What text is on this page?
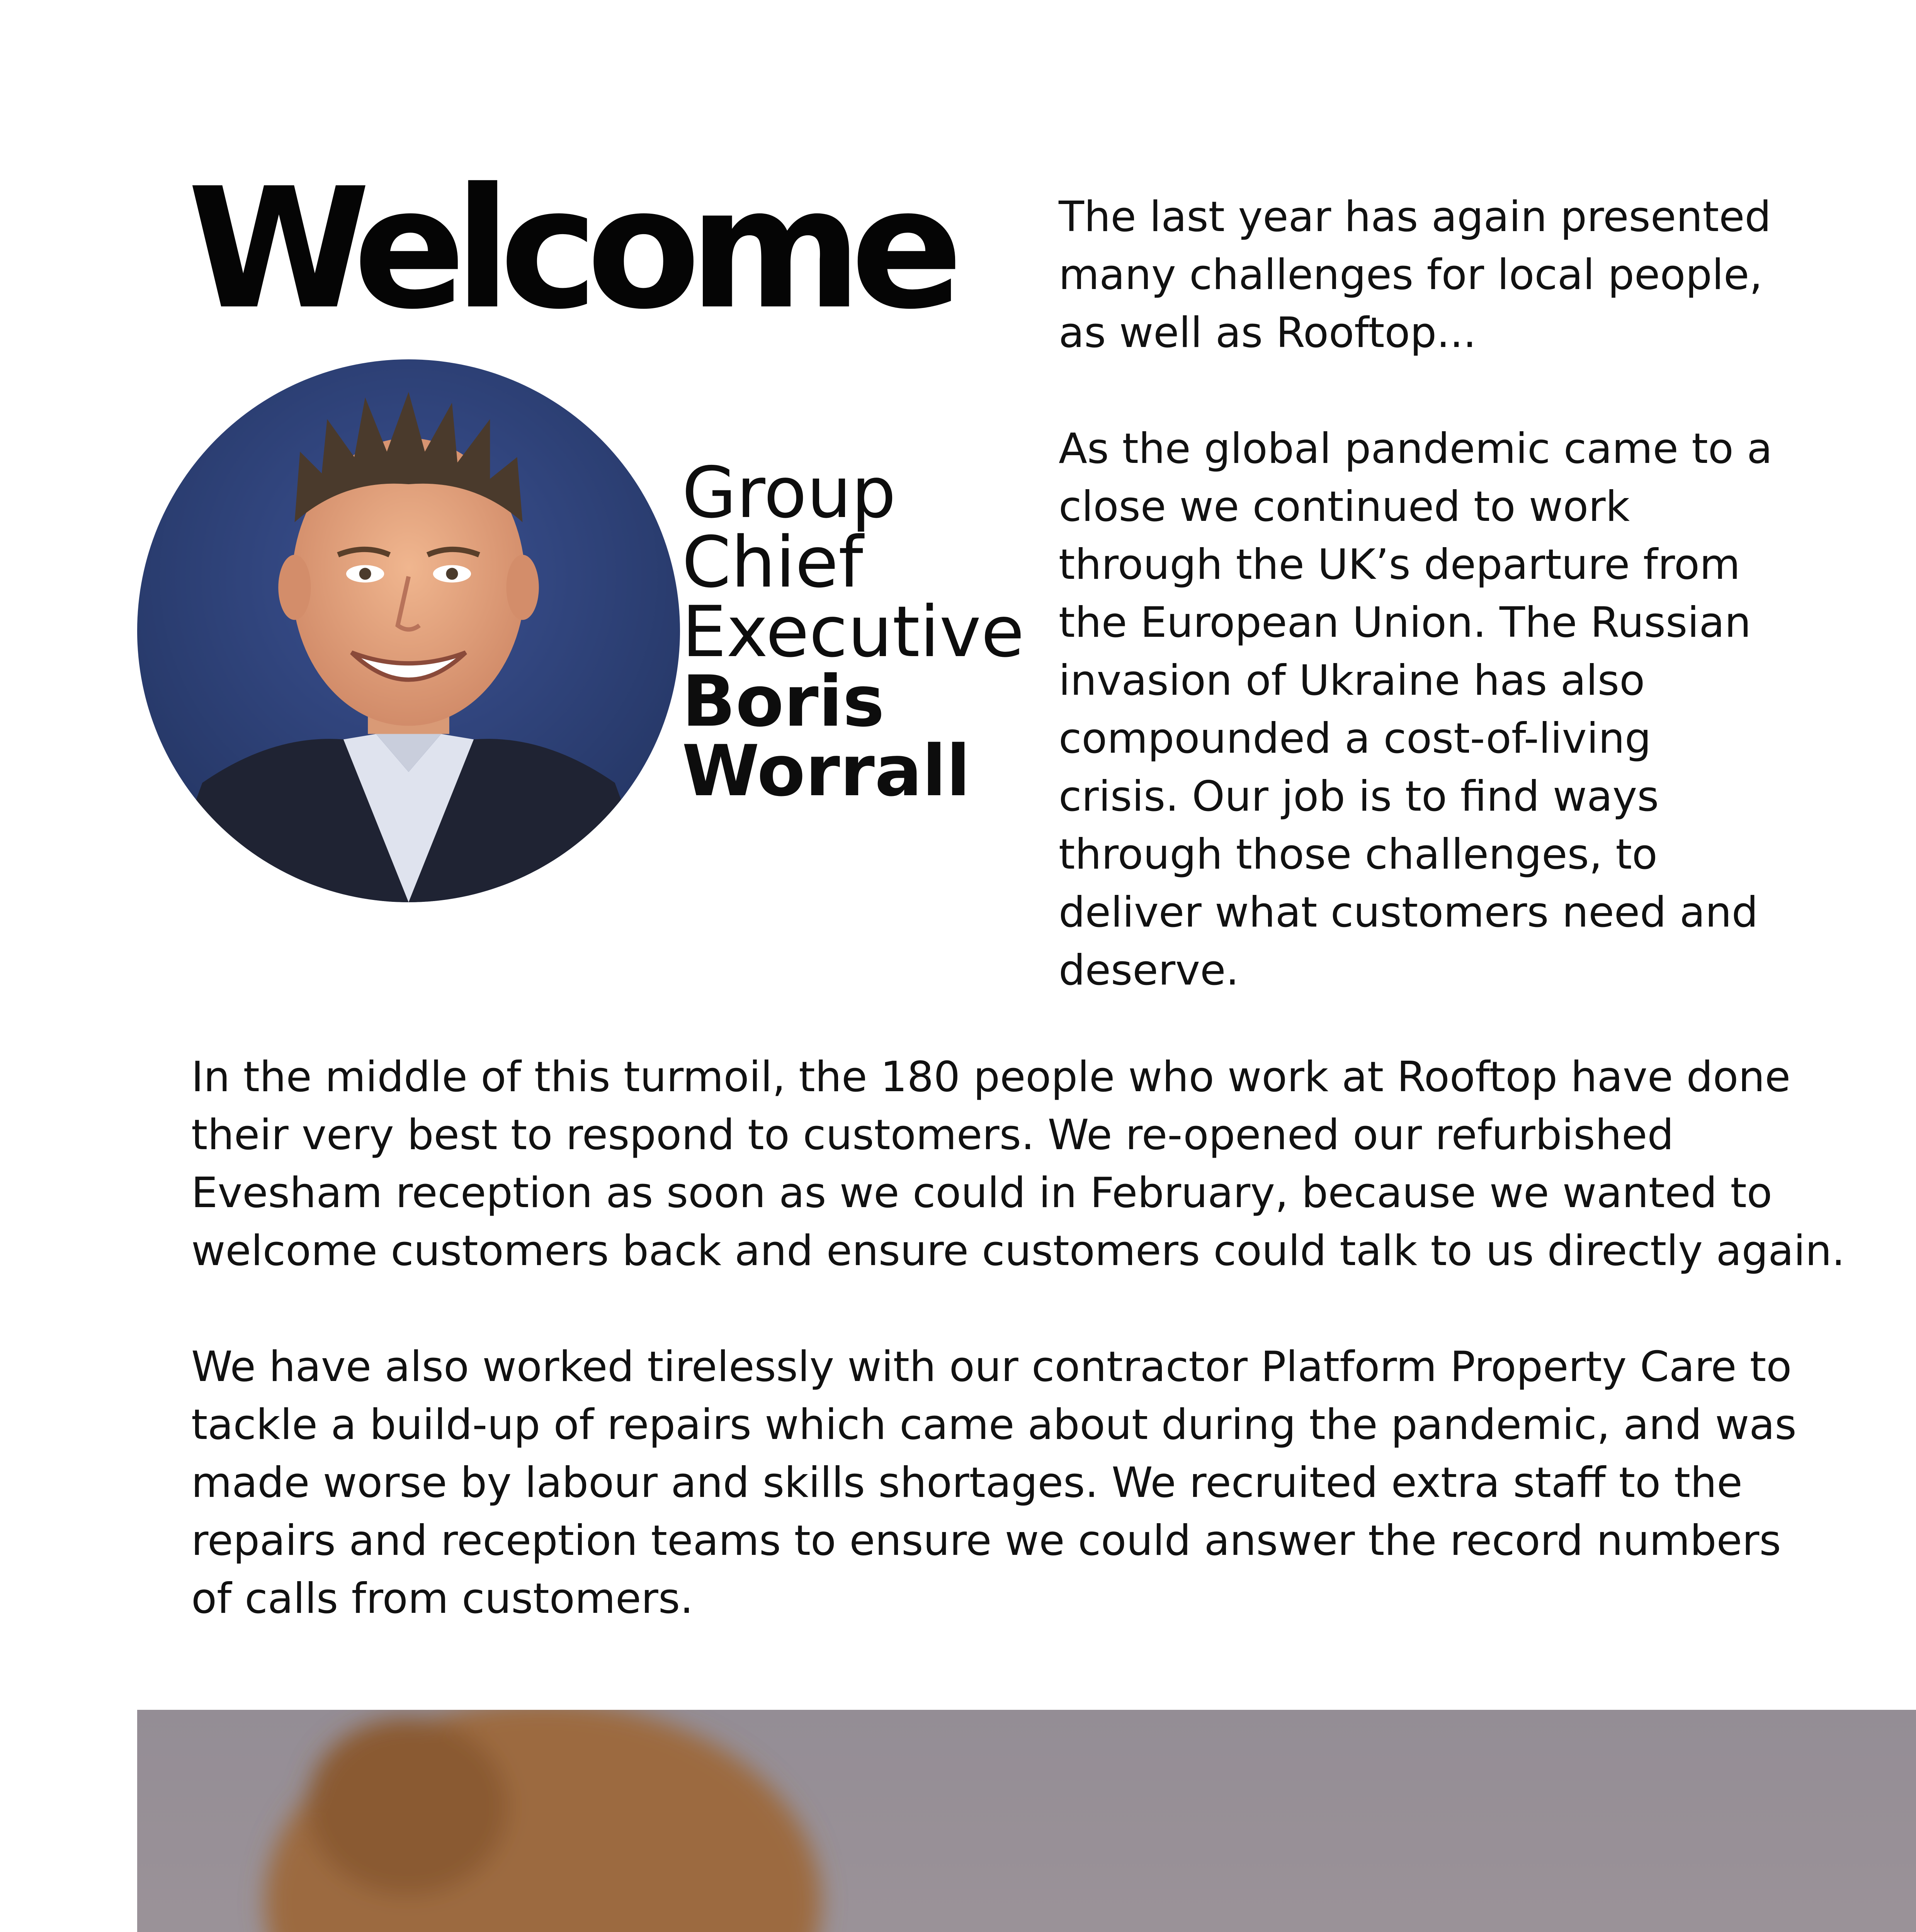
Welcome
Group
Chief
Executive
Boris
Worrall
The last year has again presented
many challenges for local people,
as well as Rooftop...
As the global pandemic came to a
close we continued to work
through the UK’s departure from
the European Union. The Russian
invasion of Ukraine has also
compounded a cost-of-living
crisis. Our job is to find ways
through those challenges, to
deliver what customers need and
deserve.
In the middle of this turmoil, the 180 people who work at Rooftop have done
their very best to respond to customers. We re-opened our refurbished
Evesham reception as soon as we could in February, because we wanted to
welcome customers back and ensure customers could talk to us directly again.
We have also worked tirelessly with our contractor Platform Property Care to
tackle a build-up of repairs which came about during the pandemic, and was
made worse by labour and skills shortages. We recruited extra staff to the
repairs and reception teams to ensure we could answer the record numbers
of calls from customers.
